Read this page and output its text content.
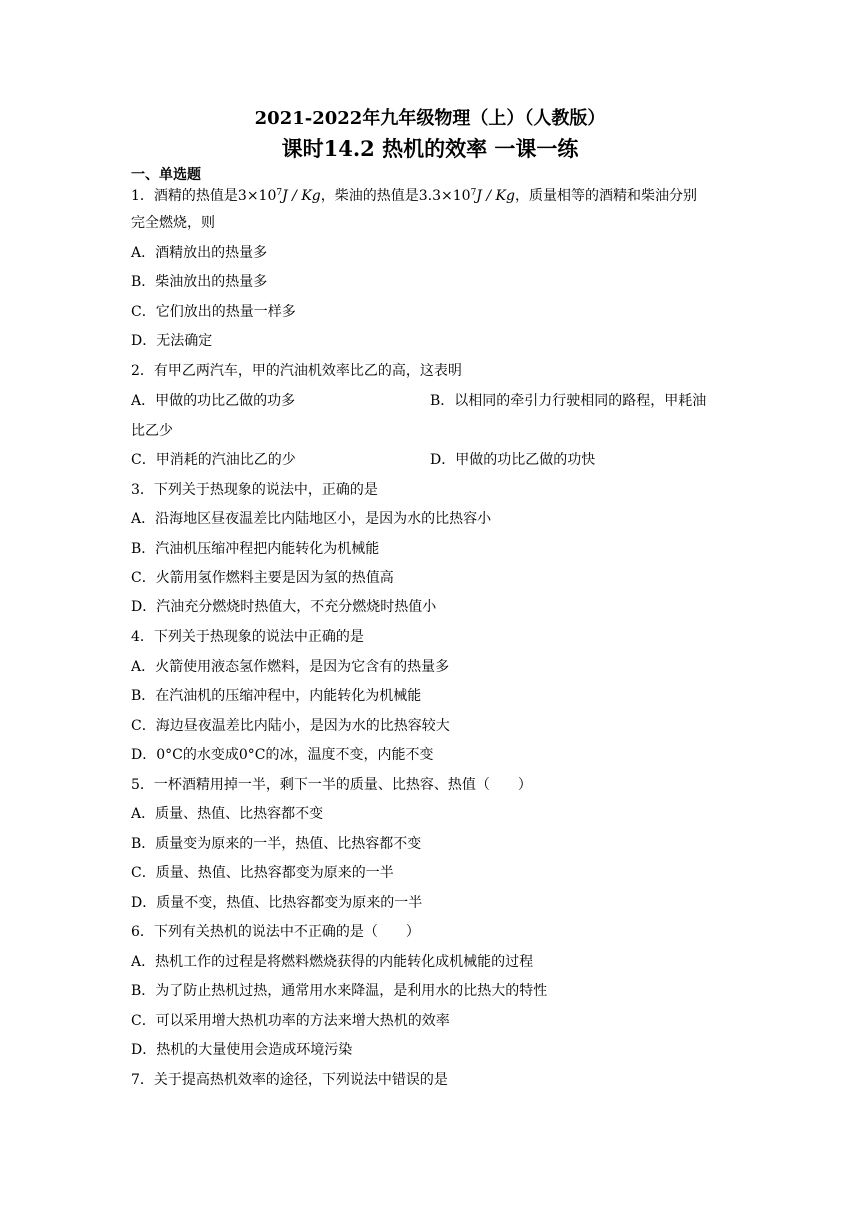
2021-2022年九年级物理（上）（人教版）
课时14.2 热机的效率 一课一练
一、单选题
1．酒精的热值是$3\times 10^7J / Kg$，柴油的热值是$3.3\times 10^7J / Kg$，质量相等的酒精和柴油分别
完全燃烧，则
A．酒精放出的热量多
B．柴油放出的热量多
C．它们放出的热量一样多
D．无法确定
2．有甲乙两汽车，甲的汽油机效率比乙的高，这表明
A．甲做的功比乙做的功多	B．以相同的牵引力行驶相同的路程，甲耗油
比乙少
C．甲消耗的汽油比乙的少	D．甲做的功比乙做的功快
3．下列关于热现象的说法中，正确的是
A．沿海地区昼夜温差比内陆地区小，是因为水的比热容小
B．汽油机压缩冲程把内能转化为机械能
C．火箭用氢作燃料主要是因为氢的热值高
D．汽油充分燃烧时热值大，不充分燃烧时热值小
4．下列关于热现象的说法中正确的是
A．火箭使用液态氢作燃料，是因为它含有的热量多
B．在汽油机的压缩冲程中，内能转化为机械能
C．海边昼夜温差比内陆小，是因为水的比热容较大
D．0°C的水变成0°C的冰，温度不变，内能不变
5．一杯酒精用掉一半，剩下一半的质量、比热容、热值（　　）
A．质量、热值、比热容都不变
B．质量变为原来的一半，热值、比热容都不变
C．质量、热值、比热容都变为原来的一半
D．质量不变，热值、比热容都变为原来的一半
6．下列有关热机的说法中不正确的是（　　）
A．热机工作的过程是将燃料燃烧获得的内能转化成机械能的过程
B．为了防止热机过热，通常用水来降温，是利用水的比热大的特性
C．可以采用增大热机功率的方法来增大热机的效率
D．热机的大量使用会造成环境污染
7．关于提高热机效率的途径，下列说法中错误的是
